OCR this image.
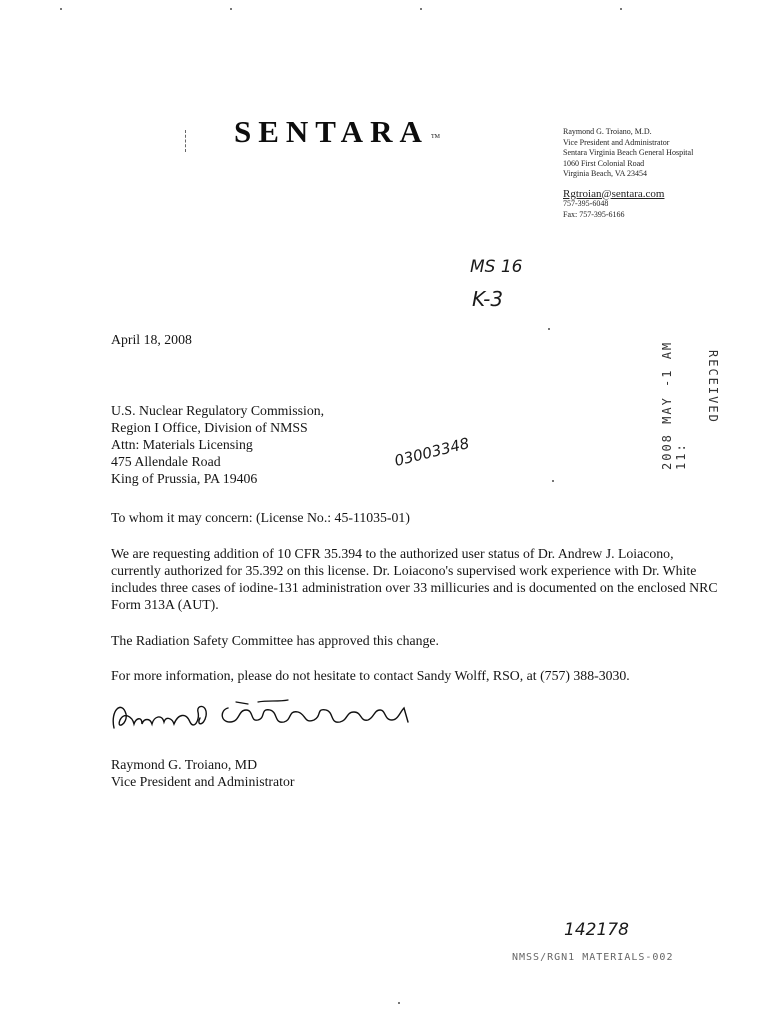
SENTARA TM
Raymond G. Troiano, M.D.
Vice President and Administrator
Sentara Virginia Beach General Hospital
1060 First Colonial Road
Virginia Beach, VA 23454
Rgtroian@sentara.com
757-395-6048
Fax: 757-395-6166
MS 16
K-3
April 18, 2008
U.S. Nuclear Regulatory Commission,
Region I Office, Division of NMSS
Attn: Materials Licensing
475 Allendale Road
King of Prussia, PA 19406
03003348	2008 MAY -1 AM 11:
RECEIVED
To whom it may concern: (License No.: 45-11035-01)
We are requesting addition of 10 CFR 35.394 to the authorized user status of Dr. Andrew J. Loiacono, currently authorized for 35.392 on this license. Dr. Loiacono's supervised work experience with Dr. White includes three cases of iodine-131 administration over 33 millicuries and is documented on the enclosed NRC Form 313A (AUT).
The Radiation Safety Committee has approved this change.
For more information, please do not hesitate to contact Sandy Wolff, RSO, at (757) 388-3030.
Raymond G. Troiano, MD
Vice President and Administrator
142178
NMSS/RGN1 MATERIALS-002
